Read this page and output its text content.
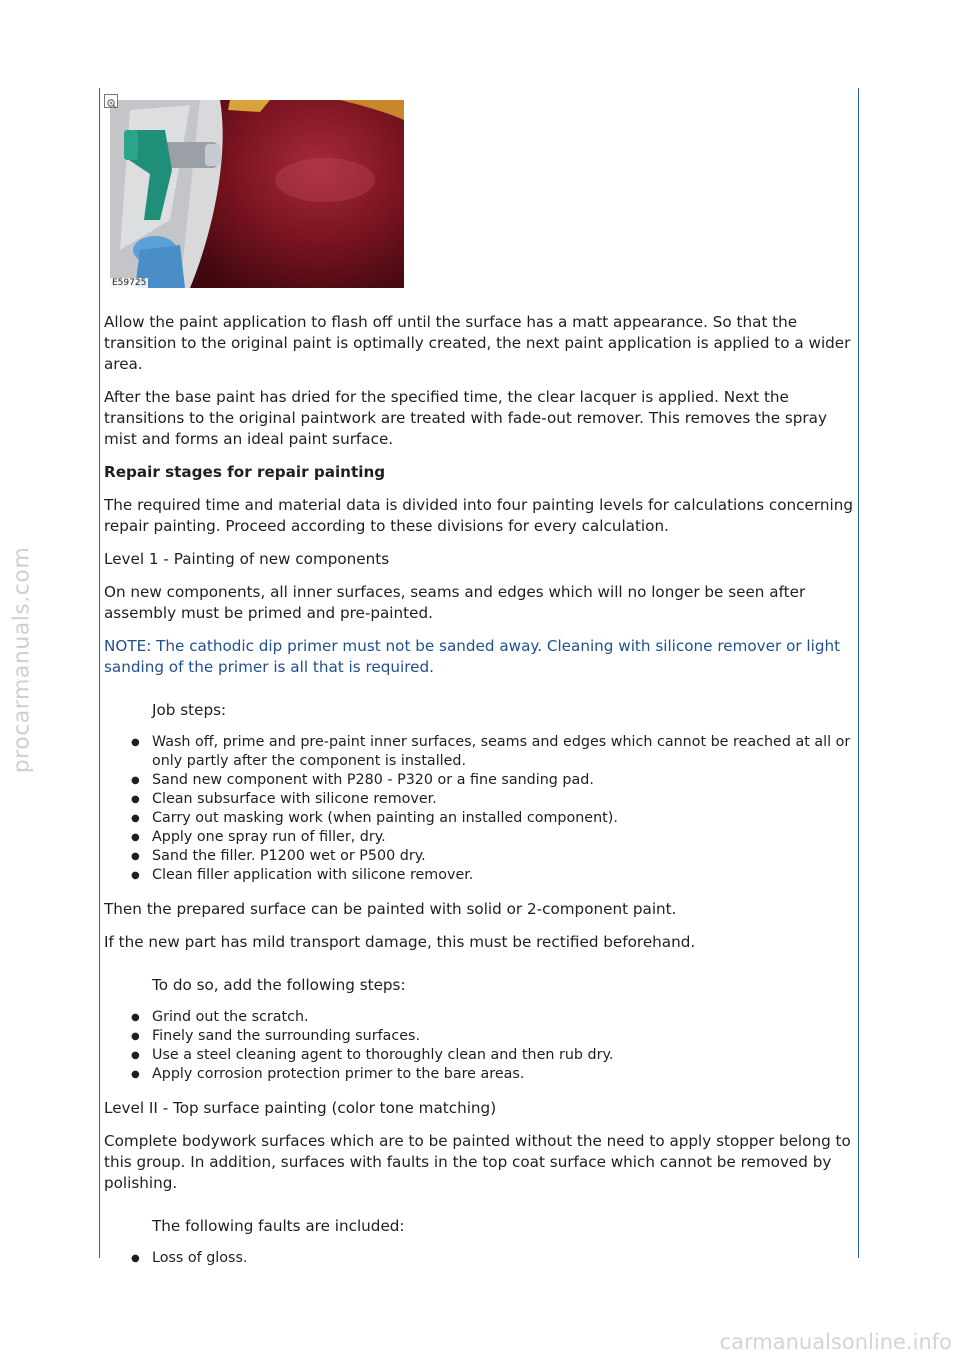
procarmanuals.com
carmanualsonline.info
E59725

Allow the paint application to flash off until the surface has a matt appearance. So that the transition to the original paint is optimally created, the next paint application is applied to a wider area.

After the base paint has dried for the specified time, the clear lacquer is applied. Next the transitions to the original paintwork are treated with fade-out remover. This removes the spray mist and forms an ideal paint surface.

Repair stages for repair painting

The required time and material data is divided into four painting levels for calculations concerning repair painting. Proceed according to these divisions for every calculation.

Level 1 - Painting of new components

On new components, all inner surfaces, seams and edges which will no longer be seen after assembly must be primed and pre-painted.

NOTE: The cathodic dip primer must not be sanded away. Cleaning with silicone remover or light sanding of the primer is all that is required.

Job steps:

● Wash off, prime and pre-paint inner surfaces, seams and edges which cannot be reached at all or only partly after the component is installed.
● Sand new component with P280 - P320 or a fine sanding pad.
● Clean subsurface with silicone remover.
● Carry out masking work (when painting an installed component).
● Apply one spray run of filler, dry.
● Sand the filler. P1200 wet or P500 dry.
● Clean filler application with silicone remover.

Then the prepared surface can be painted with solid or 2-component paint.

If the new part has mild transport damage, this must be rectified beforehand.

To do so, add the following steps:

● Grind out the scratch.
● Finely sand the surrounding surfaces.
● Use a steel cleaning agent to thoroughly clean and then rub dry.
● Apply corrosion protection primer to the bare areas.

Level II - Top surface painting (color tone matching)

Complete bodywork surfaces which are to be painted without the need to apply stopper belong to this group. In addition, surfaces with faults in the top coat surface which cannot be removed by polishing.

The following faults are included:

● Loss of gloss.
